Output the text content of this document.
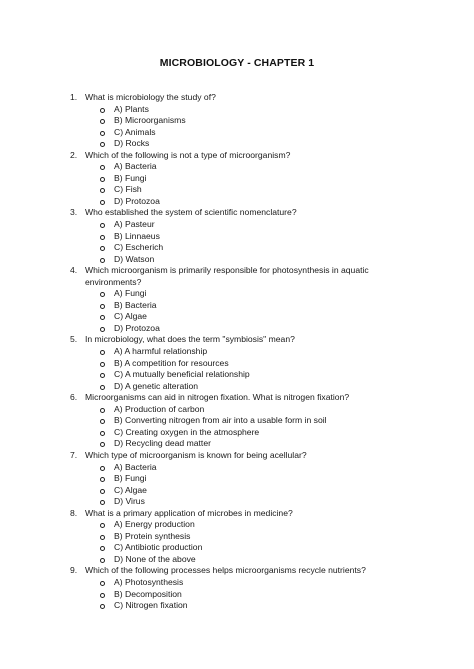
MICROBIOLOGY - CHAPTER 1
1. What is microbiology the study of?
A) Plants
B) Microorganisms
C) Animals
D) Rocks
2. Which of the following is not a type of microorganism?
A) Bacteria
B) Fungi
C) Fish
D) Protozoa
3. Who established the system of scientific nomenclature?
A) Pasteur
B) Linnaeus
C) Escherich
D) Watson
4. Which microorganism is primarily responsible for photosynthesis in aquatic environments?
A) Fungi
B) Bacteria
C) Algae
D) Protozoa
5. In microbiology, what does the term "symbiosis" mean?
A) A harmful relationship
B) A competition for resources
C) A mutually beneficial relationship
D) A genetic alteration
6. Microorganisms can aid in nitrogen fixation. What is nitrogen fixation?
A) Production of carbon
B) Converting nitrogen from air into a usable form in soil
C) Creating oxygen in the atmosphere
D) Recycling dead matter
7. Which type of microorganism is known for being acellular?
A) Bacteria
B) Fungi
C) Algae
D) Virus
8. What is a primary application of microbes in medicine?
A) Energy production
B) Protein synthesis
C) Antibiotic production
D) None of the above
9. Which of the following processes helps microorganisms recycle nutrients?
A) Photosynthesis
B) Decomposition
C) Nitrogen fixation
